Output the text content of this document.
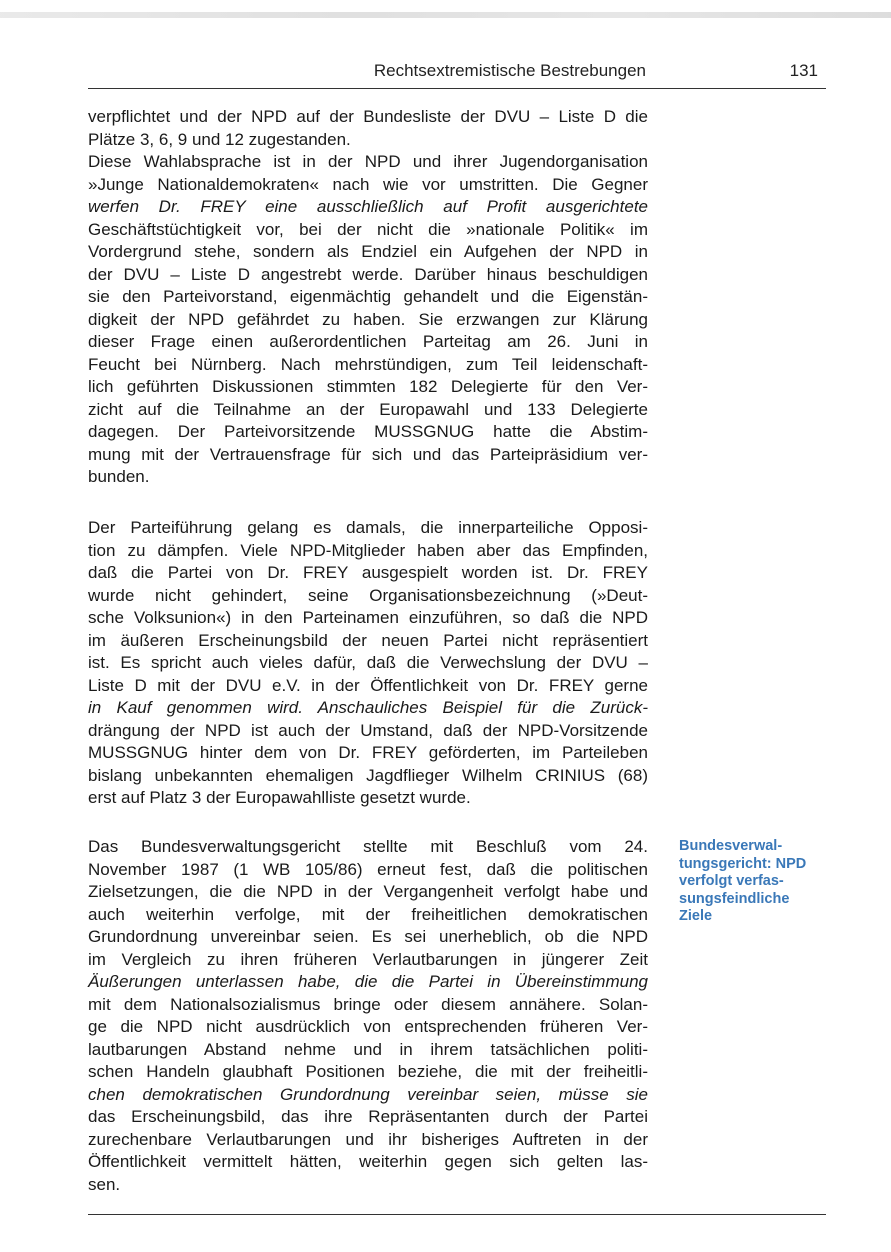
Rechtsextremistische Bestrebungen	131
verpflichtet und der NPD auf der Bundesliste der DVU – Liste D die
Plätze 3, 6, 9 und 12 zugestanden.
Diese Wahlabsprache ist in der NPD und ihrer Jugendorganisation
»Junge Nationaldemokraten« nach wie vor umstritten. Die Gegner
werfen Dr. FREY eine ausschließlich auf Profit ausgerichtete
Geschäftstüchtigkeit vor, bei der nicht die »nationale Politik« im
Vordergrund stehe, sondern als Endziel ein Aufgehen der NPD in
der DVU – Liste D angestrebt werde. Darüber hinaus beschuldigen
sie den Parteivorstand, eigenmächtig gehandelt und die Eigenstän-
digkeit der NPD gefährdet zu haben. Sie erzwangen zur Klärung
dieser Frage einen außerordentlichen Parteitag am 26. Juni in
Feucht bei Nürnberg. Nach mehrstündigen, zum Teil leidenschaft-
lich geführten Diskussionen stimmten 182 Delegierte für den Ver-
zicht auf die Teilnahme an der Europawahl und 133 Delegierte
dagegen. Der Parteivorsitzende MUSSGNUG hatte die Abstim-
mung mit der Vertrauensfrage für sich und das Parteipräsidium ver-
bunden.
Der Parteiführung gelang es damals, die innerparteiliche Opposi-
tion zu dämpfen. Viele NPD-Mitglieder haben aber das Empfinden,
daß die Partei von Dr. FREY ausgespielt worden ist. Dr. FREY
wurde nicht gehindert, seine Organisationsbezeichnung (»Deut-
sche Volksunion«) in den Parteinamen einzuführen, so daß die NPD
im äußeren Erscheinungsbild der neuen Partei nicht repräsentiert
ist. Es spricht auch vieles dafür, daß die Verwechslung der DVU –
Liste D mit der DVU e.V. in der Öffentlichkeit von Dr. FREY gerne
in Kauf genommen wird. Anschauliches Beispiel für die Zurück-
drängung der NPD ist auch der Umstand, daß der NPD-Vorsitzende
MUSSGNUG hinter dem von Dr. FREY geförderten, im Parteileben
bislang unbekannten ehemaligen Jagdflieger Wilhelm CRINIUS (68)
erst auf Platz 3 der Europawahlliste gesetzt wurde.
Das Bundesverwaltungsgericht stellte mit Beschluß vom 24.
November 1987 (1 WB 105/86) erneut fest, daß die politischen
Zielsetzungen, die die NPD in der Vergangenheit verfolgt habe und
auch weiterhin verfolge, mit der freiheitlichen demokratischen
Grundordnung unvereinbar seien. Es sei unerheblich, ob die NPD
im Vergleich zu ihren früheren Verlautbarungen in jüngerer Zeit
Äußerungen unterlassen habe, die die Partei in Übereinstimmung
mit dem Nationalsozialismus bringe oder diesem annähere. Solan-
ge die NPD nicht ausdrücklich von entsprechenden früheren Ver-
lautbarungen Abstand nehme und in ihrem tatsächlichen politi-
schen Handeln glaubhaft Positionen beziehe, die mit der freiheitli-
chen demokratischen Grundordnung vereinbar seien, müsse sie
das Erscheinungsbild, das ihre Repräsentanten durch der Partei
zurechenbare Verlautbarungen und ihr bisheriges Auftreten in der
Öffentlichkeit vermittelt hätten, weiterhin gegen sich gelten las-
sen.
Bundesverwal-
tungsgericht: NPD
verfolgt verfas-
sungsfeindliche
Ziele
